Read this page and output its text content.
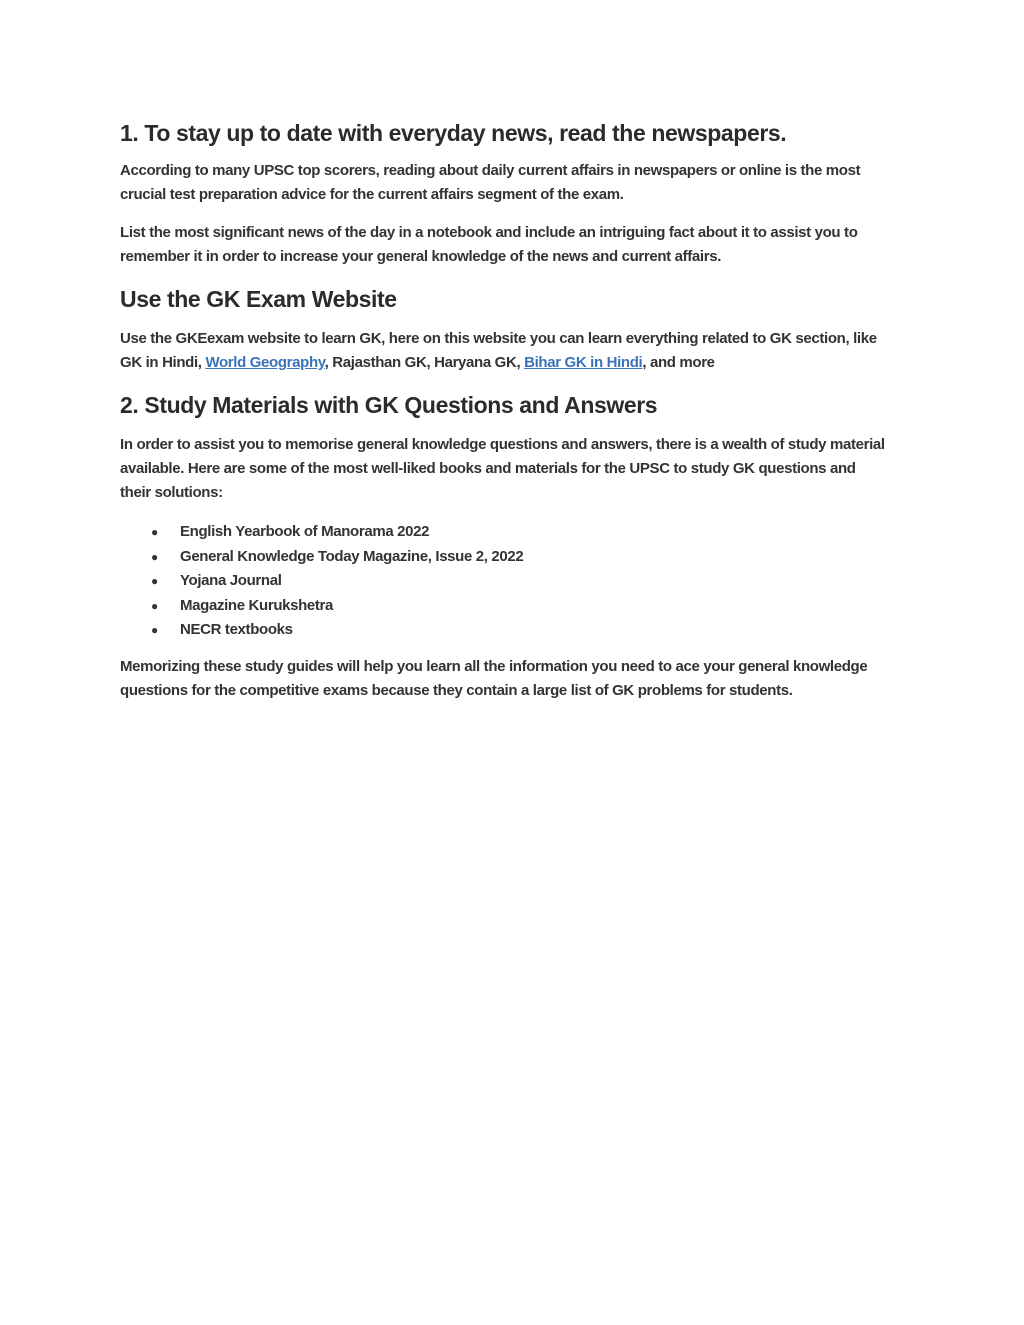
1. To stay up to date with everyday news, read the newspapers.

According to many UPSC top scorers, reading about daily current affairs in newspapers or online is the most crucial test preparation advice for the current affairs segment of the exam.

List the most significant news of the day in a notebook and include an intriguing fact about it to assist you to remember it in order to increase your general knowledge of the news and current affairs.

Use the GK Exam Website

Use the GKEexam website to learn GK, here on this website you can learn everything related to GK section, like GK in Hindi, World Geography, Rajasthan GK, Haryana GK, Bihar GK in Hindi, and more

2. Study Materials with GK Questions and Answers

In order to assist you to memorise general knowledge questions and answers, there is a wealth of study material available. Here are some of the most well-liked books and materials for the UPSC to study GK questions and their solutions:

● English Yearbook of Manorama 2022
● General Knowledge Today Magazine, Issue 2, 2022
● Yojana Journal
● Magazine Kurukshetra
● NECR textbooks

Memorizing these study guides will help you learn all the information you need to ace your general knowledge questions for the competitive exams because they contain a large list of GK problems for students.
